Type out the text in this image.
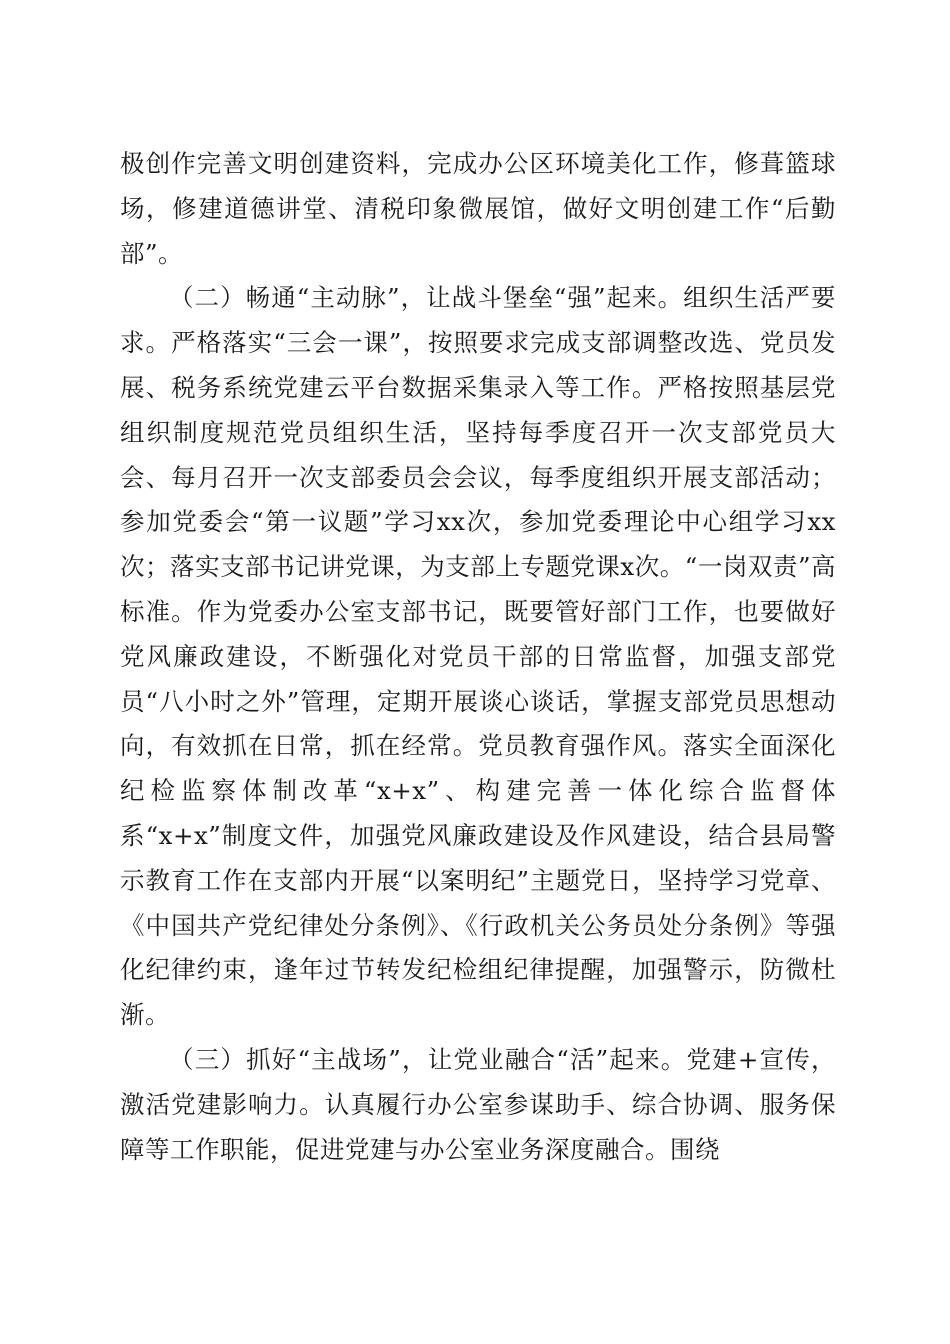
极创作完善文明创建资料，完成办公区环境美化工作，修葺篮球场，修建道德讲堂、清税印象微展馆，做好文明创建工作“后勤部”。

（二）畅通“主动脉”，让战斗堡垒“强”起来。组织生活严要求。严格落实“三会一课”，按照要求完成支部调整改选、党员发展、税务系统党建云平台数据采集录入等工作。严格按照基层党组织制度规范党员组织生活，坚持每季度召开一次支部党员大会、每月召开一次支部委员会会议，每季度组织开展支部活动；参加党委会“第一议题”学习xx次，参加党委理论中心组学习xx次；落实支部书记讲党课，为支部上专题党课x次。“一岗双责”高标准。作为党委办公室支部书记，既要管好部门工作，也要做好党风廉政建设，不断强化对党员干部的日常监督，加强支部党员“八小时之外”管理，定期开展谈心谈话，掌握支部党员思想动向，有效抓在日常，抓在经常。党员教育强作风。落实全面深化纪检监察体制改革“x+x”、构建完善一体化综合监督体系“x+x”制度文件，加强党风廉政建设及作风建设，结合县局警示教育工作在支部内开展“以案明纪”主题党日，坚持学习党章、《中国共产党纪律处分条例》、《行政机关公务员处分条例》等强化纪律约束，逢年过节转发纪检组纪律提醒，加强警示，防微杜渐。

（三）抓好“主战场”，让党业融合“活”起来。党建+宣传，激活党建影响力。认真履行办公室参谋助手、综合协调、服务保障等工作职能，促进党建与办公室业务深度融合。围绕
